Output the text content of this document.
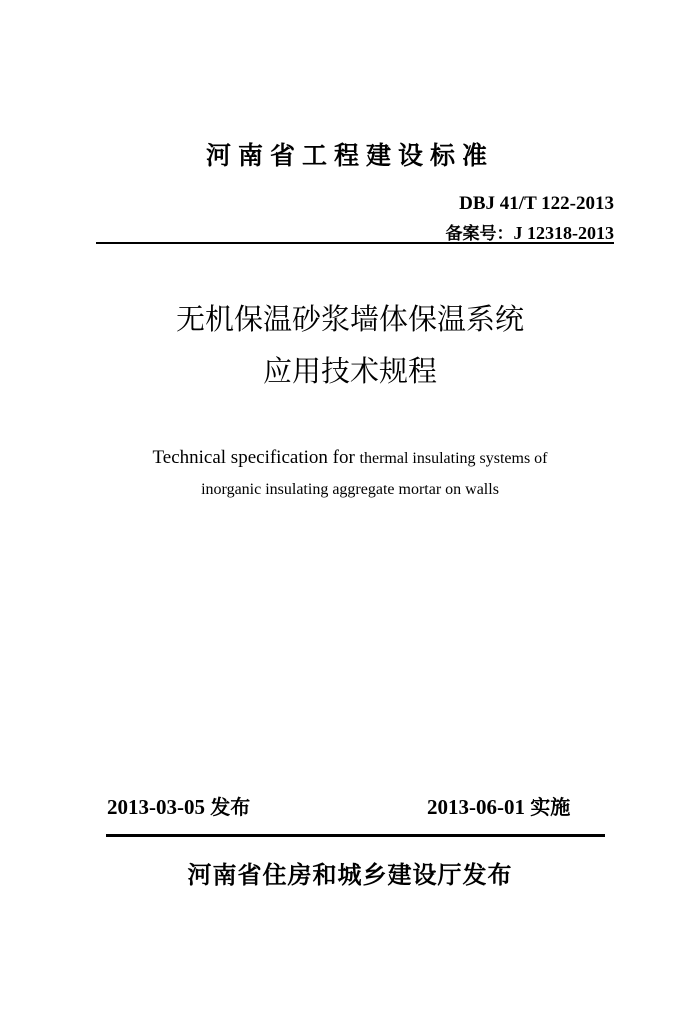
河南省工程建设标准
DBJ 41/T 122-2013
备案号：J 12318-2013
无机保温砂浆墙体保温系统
应用技术规程
Technical specification for thermal insulating systems of
inorganic insulating aggregate mortar on walls
2013-03-05 发布	2013-06-01 实施
河南省住房和城乡建设厅发布
